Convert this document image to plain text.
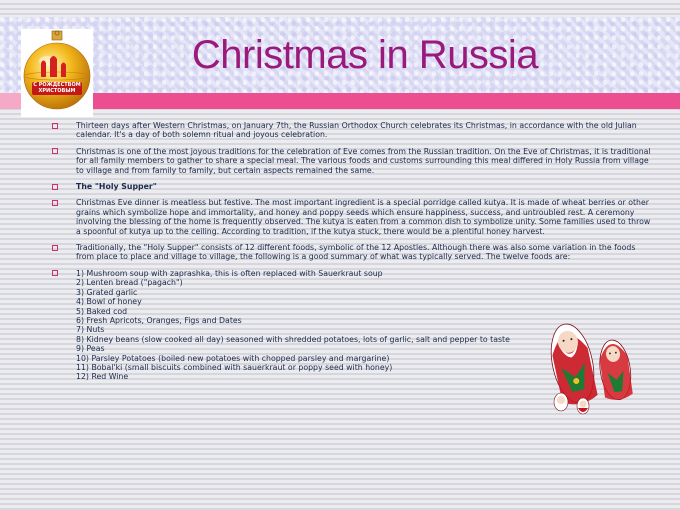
С РОЖДЕСТВОМ
ХРИСТОВЫМ
Christmas in Russia
Thirteen days after Western Christmas, on January 7th, the Russian Orthodox Church celebrates its Christmas, in accordance with the old Julian calendar. It's a day of both solemn ritual and joyous celebration.
Christmas is one of the most joyous traditions for the celebration of Eve comes from the Russian tradition. On the Eve of Christmas, it is traditional for all family members to gather to share a special meal. The various foods and customs surrounding this meal differed in Holy Russia from village to village and from family to family, but certain aspects remained the same.
The "Holy Supper"
Christmas Eve dinner is meatless but festive. The most important ingredient is a special porridge called kutya. It is made of wheat berries or other grains which symbolize hope and immortality, and honey and poppy seeds which ensure happiness, success, and untroubled rest. A ceremony involving the blessing of the home is frequently observed. The kutya is eaten from a common dish to symbolize unity. Some families used to throw a spoonful of kutya up to the ceiling. According to tradition, if the kutya stuck, there would be a plentiful honey harvest.
Traditionally, the "Holy Supper" consists of 12 different foods, symbolic of the 12 Apostles. Although there was also some variation in the foods from place to place and village to village, the following is a good summary of what was typically served. The twelve foods are:
1) Mushroom soup with zaprashka, this is often replaced with Sauerkraut soup
2) Lenten bread ("pagach")
3) Grated garlic
4) Bowl of honey
5) Baked cod
6) Fresh Apricots, Oranges, Figs and Dates
7) Nuts
8) Kidney beans (slow cooked all day) seasoned with shredded potatoes, lots of garlic, salt and pepper to taste
9) Peas
10) Parsley Potatoes (boiled new potatoes with chopped parsley and margarine)
11) Bobal'ki (small biscuits combined with sauerkraut or poppy seed with honey)
12) Red Wine
